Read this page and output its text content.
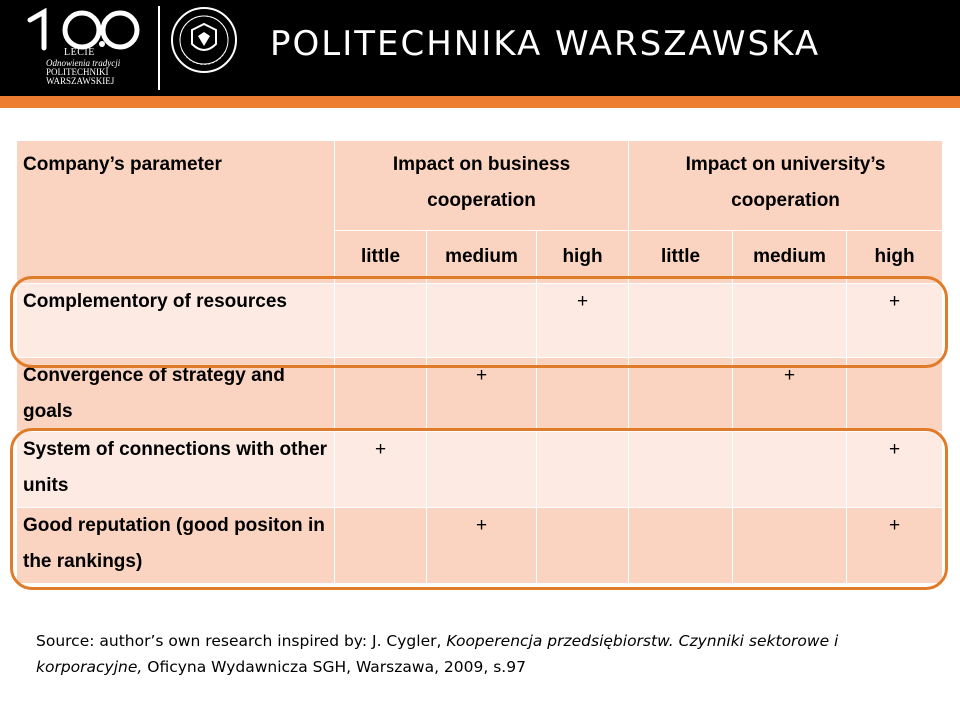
LECIE
Odnowienia tradycji
POLITECHNIKI
WARSZAWSKIEJ
POLITECHNIKA WARSZAWSKA
Company’s parameter	Impact on business cooperation			Impact on university’s cooperation		
	little	medium	high	little	medium	high
Complementory of resources			+			+
Convergence of strategy and goals		+			+	
System of connections with other units	+					+
Good reputation (good positon in the rankings)		+				+
Source: author’s own research inspired by: J. Cygler, Kooperencja przedsiębiorstw. Czynniki sektorowe i korporacyjne, Oficyna Wydawnicza SGH, Warszawa, 2009, s.97
